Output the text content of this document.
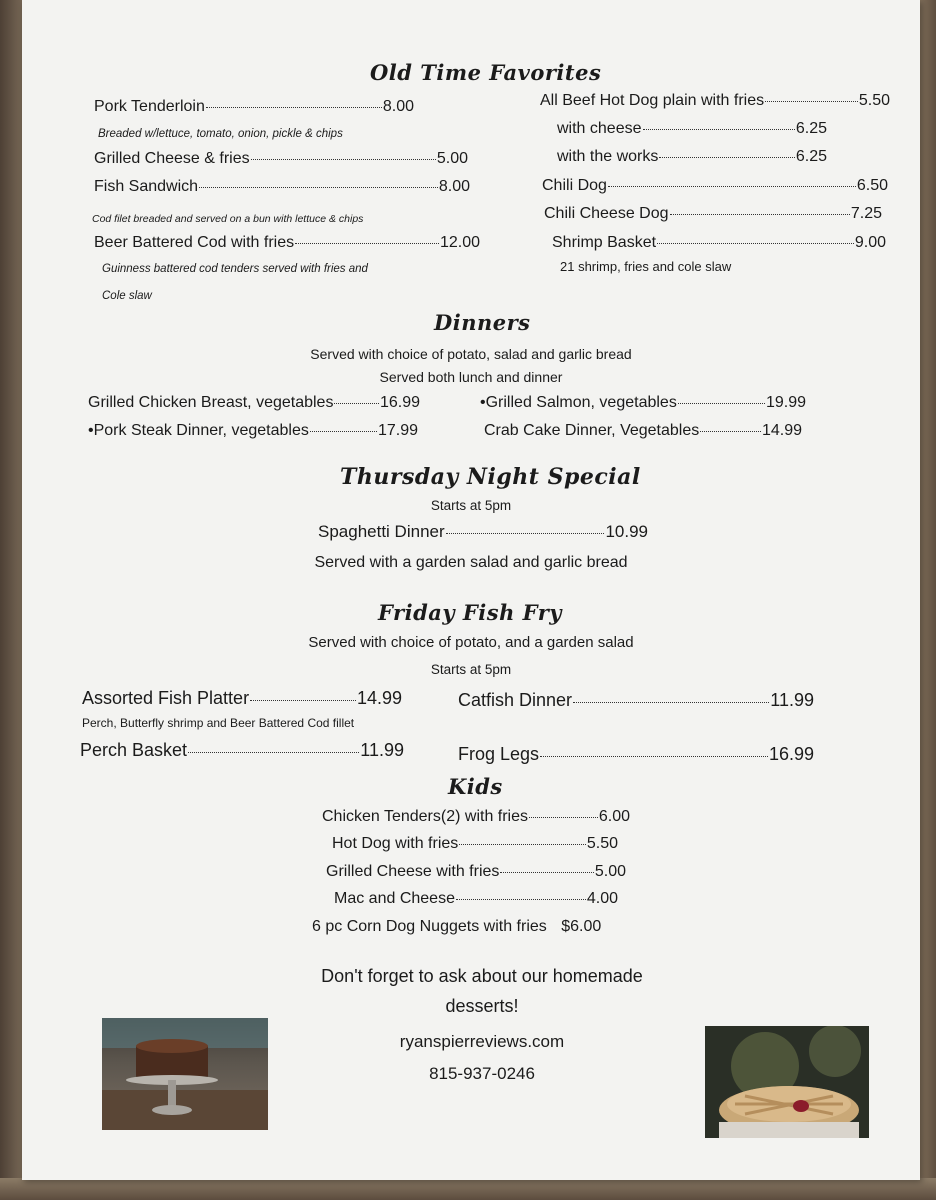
Old Time Favorites
Pork Tenderloin	8.00
Breaded w/lettuce, tomato, onion, pickle & chips
Grilled Cheese & fries	5.00
Fish Sandwich	8.00
Cod filet breaded and served on a bun with lettuce & chips
Beer Battered Cod with fries	12.00
Guinness battered cod tenders served with fries and
Cole slaw
All Beef Hot Dog plain with fries	5.50
with cheese	6.25
with the works	6.25
Chili Dog	6.50
Chili Cheese Dog	7.25
Shrimp Basket	9.00
21 shrimp, fries and cole slaw
Dinners
Served with choice of potato, salad and garlic bread
Served both lunch and dinner
Grilled Chicken Breast, vegetables	16.99
•Pork Steak Dinner, vegetables	17.99
•Grilled Salmon, vegetables	19.99
Crab Cake Dinner, Vegetables	14.99
Thursday Night Special
Starts at 5pm
Spaghetti Dinner	10.99
Served with a garden salad and garlic bread
Friday Fish Fry
Served with choice of potato, and a garden salad
Starts at 5pm
Assorted Fish Platter	14.99
Perch, Butterfly shrimp and Beer Battered Cod fillet
Perch Basket	11.99
Catfish Dinner	11.99
Frog Legs	16.99
Kids
Chicken Tenders(2) with fries	6.00
Hot Dog with fries	5.50
Grilled Cheese with fries	5.00
Mac and Cheese	4.00
6 pc Corn Dog Nuggets with fries $6.00
Don't forget to ask about our homemade
desserts!
ryanspierreviews.com
815-937-0246
